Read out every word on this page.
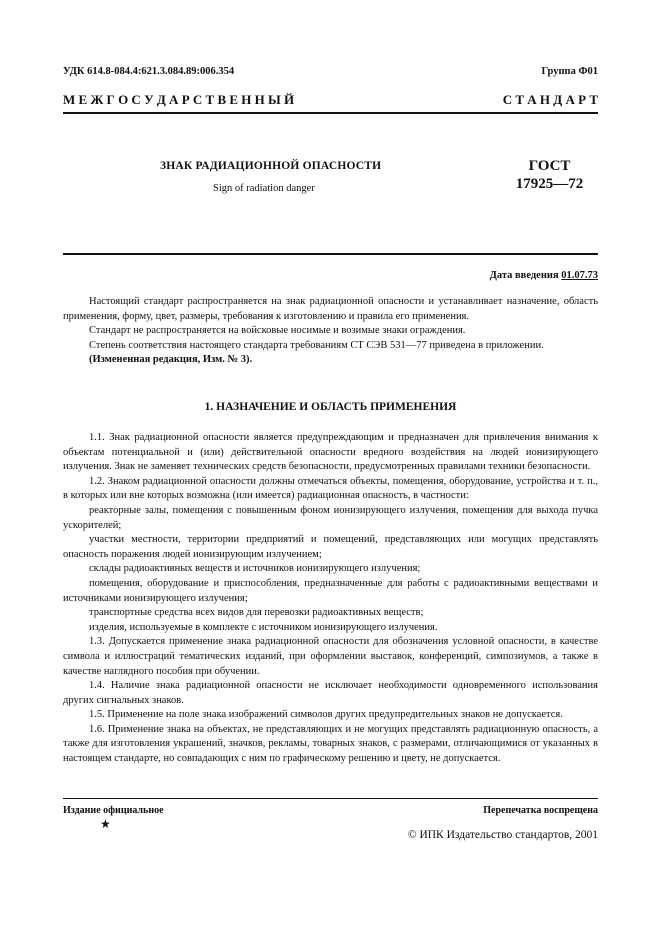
УДК 614.8-084.4:621.3.084.89:006.354	Группа Ф01
М Е Ж Г О С У Д А Р С Т В Е Н Н Ы Й	С Т А Н Д А Р Т
ЗНАК РАДИАЦИОННОЙ ОПАСНОСТИ
Sign of radiation danger
ГОСТ
17925—72
Дата введения 01.07.73

Настоящий стандарт распространяется на знак радиационной опасности и устанавливает назначение, область применения, форму, цвет, размеры, требования к изготовлению и правила его применения.

Стандарт не распространяется на войсковые носимые и возимые знаки ограждения.

Степень соответствия настоящего стандарта требованиям СТ СЭВ 531—77 приведена в приложении.

(Измененная редакция, Изм. № 3).

1. НАЗНАЧЕНИЕ И ОБЛАСТЬ ПРИМЕНЕНИЯ

1.1. Знак радиационной опасности является предупреждающим и предназначен для привлечения внимания к объектам потенциальной и (или) действительной опасности вредного воздействия на людей ионизирующего излучения. Знак не заменяет технических средств безопасности, предусмотренных правилами техники безопасности.

1.2. Знаком радиационной опасности должны отмечаться объекты, помещения, оборудование, устройства и т. п., в которых или вне которых возможна (или имеется) радиационная опасность, в частности:

реакторные залы, помещения с повышенным фоном ионизирующего излучения, помещения для выхода пучка ускорителей;

участки местности, территории предприятий и помещений, представляющих или могущих представлять опасность поражения людей ионизирующим излучением;

склады радиоактивных веществ и источников ионизирующего излучения;

помещения, оборудование и приспособления, предназначенные для работы с радиоактивными веществами и источниками ионизирующего излучения;

транспортные средства всех видов для перевозки радиоактивных веществ;

изделия, используемые в комплекте с источником ионизирующего излучения.

1.3. Допускается применение знака радиационной опасности для обозначения условной опасности, в качестве символа и иллюстраций тематических изданий, при оформлении выставок, конференций, симпозиумов, а также в качестве наглядного пособия при обучении.

1.4. Наличие знака радиационной опасности не исключает необходимости одновременного использования других сигнальных знаков.

1.5. Применение на поле знака изображений символов других предупредительных знаков не допускается.

1.6. Применение знака на объектах, не представляющих и не могущих представлять радиационную опасность, а также для изготовления украшений, значков, рекламы, товарных знаков, с размерами, отличающимися от указанных в настоящем стандарте, но совпадающих с ним по графическому решению и цвету, не допускается.

Издание официальное	Перепечатка воспрещена
★
© ИПК Издательство стандартов, 2001
